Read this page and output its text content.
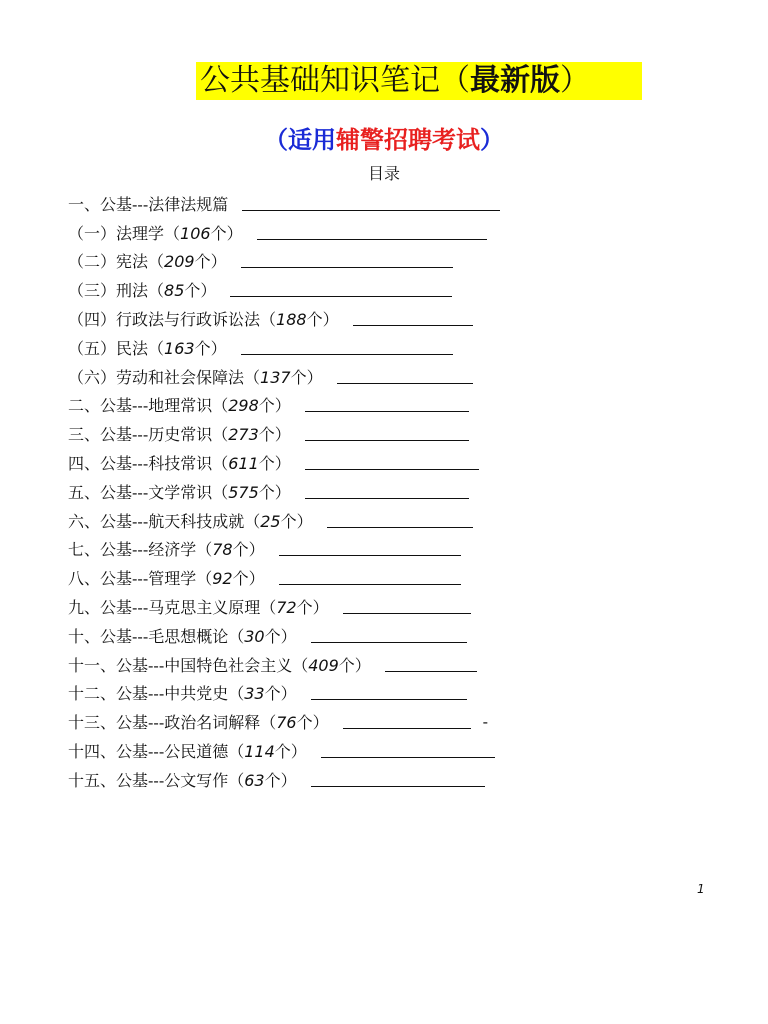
公共基础知识笔记（最新版）
（适用辅警招聘考试）
目录
一、公基---法律法规篇
（一）法理学（106个）
（二）宪法（209个）
（三）刑法（85个）
（四）行政法与行政诉讼法（188个）
（五）民法（163个）
（六）劳动和社会保障法（137个）
二、公基---地理常识（298个）
三、公基---历史常识（273个）
四、公基---科技常识（611个）
五、公基---文学常识（575个）
六、公基---航天科技成就（25个）
七、公基---经济学（78个）
八、公基---管理学（92个）
九、公基---马克思主义原理（72个）
十、公基---毛思想概论（30个）
十一、公基---中国特色社会主义（409个）
十二、公基---中共党史（33个）
十三、公基---政治名词解释（76个）	-
十四、公基---公民道德（114个）
十五、公基---公文写作（63个）
1
